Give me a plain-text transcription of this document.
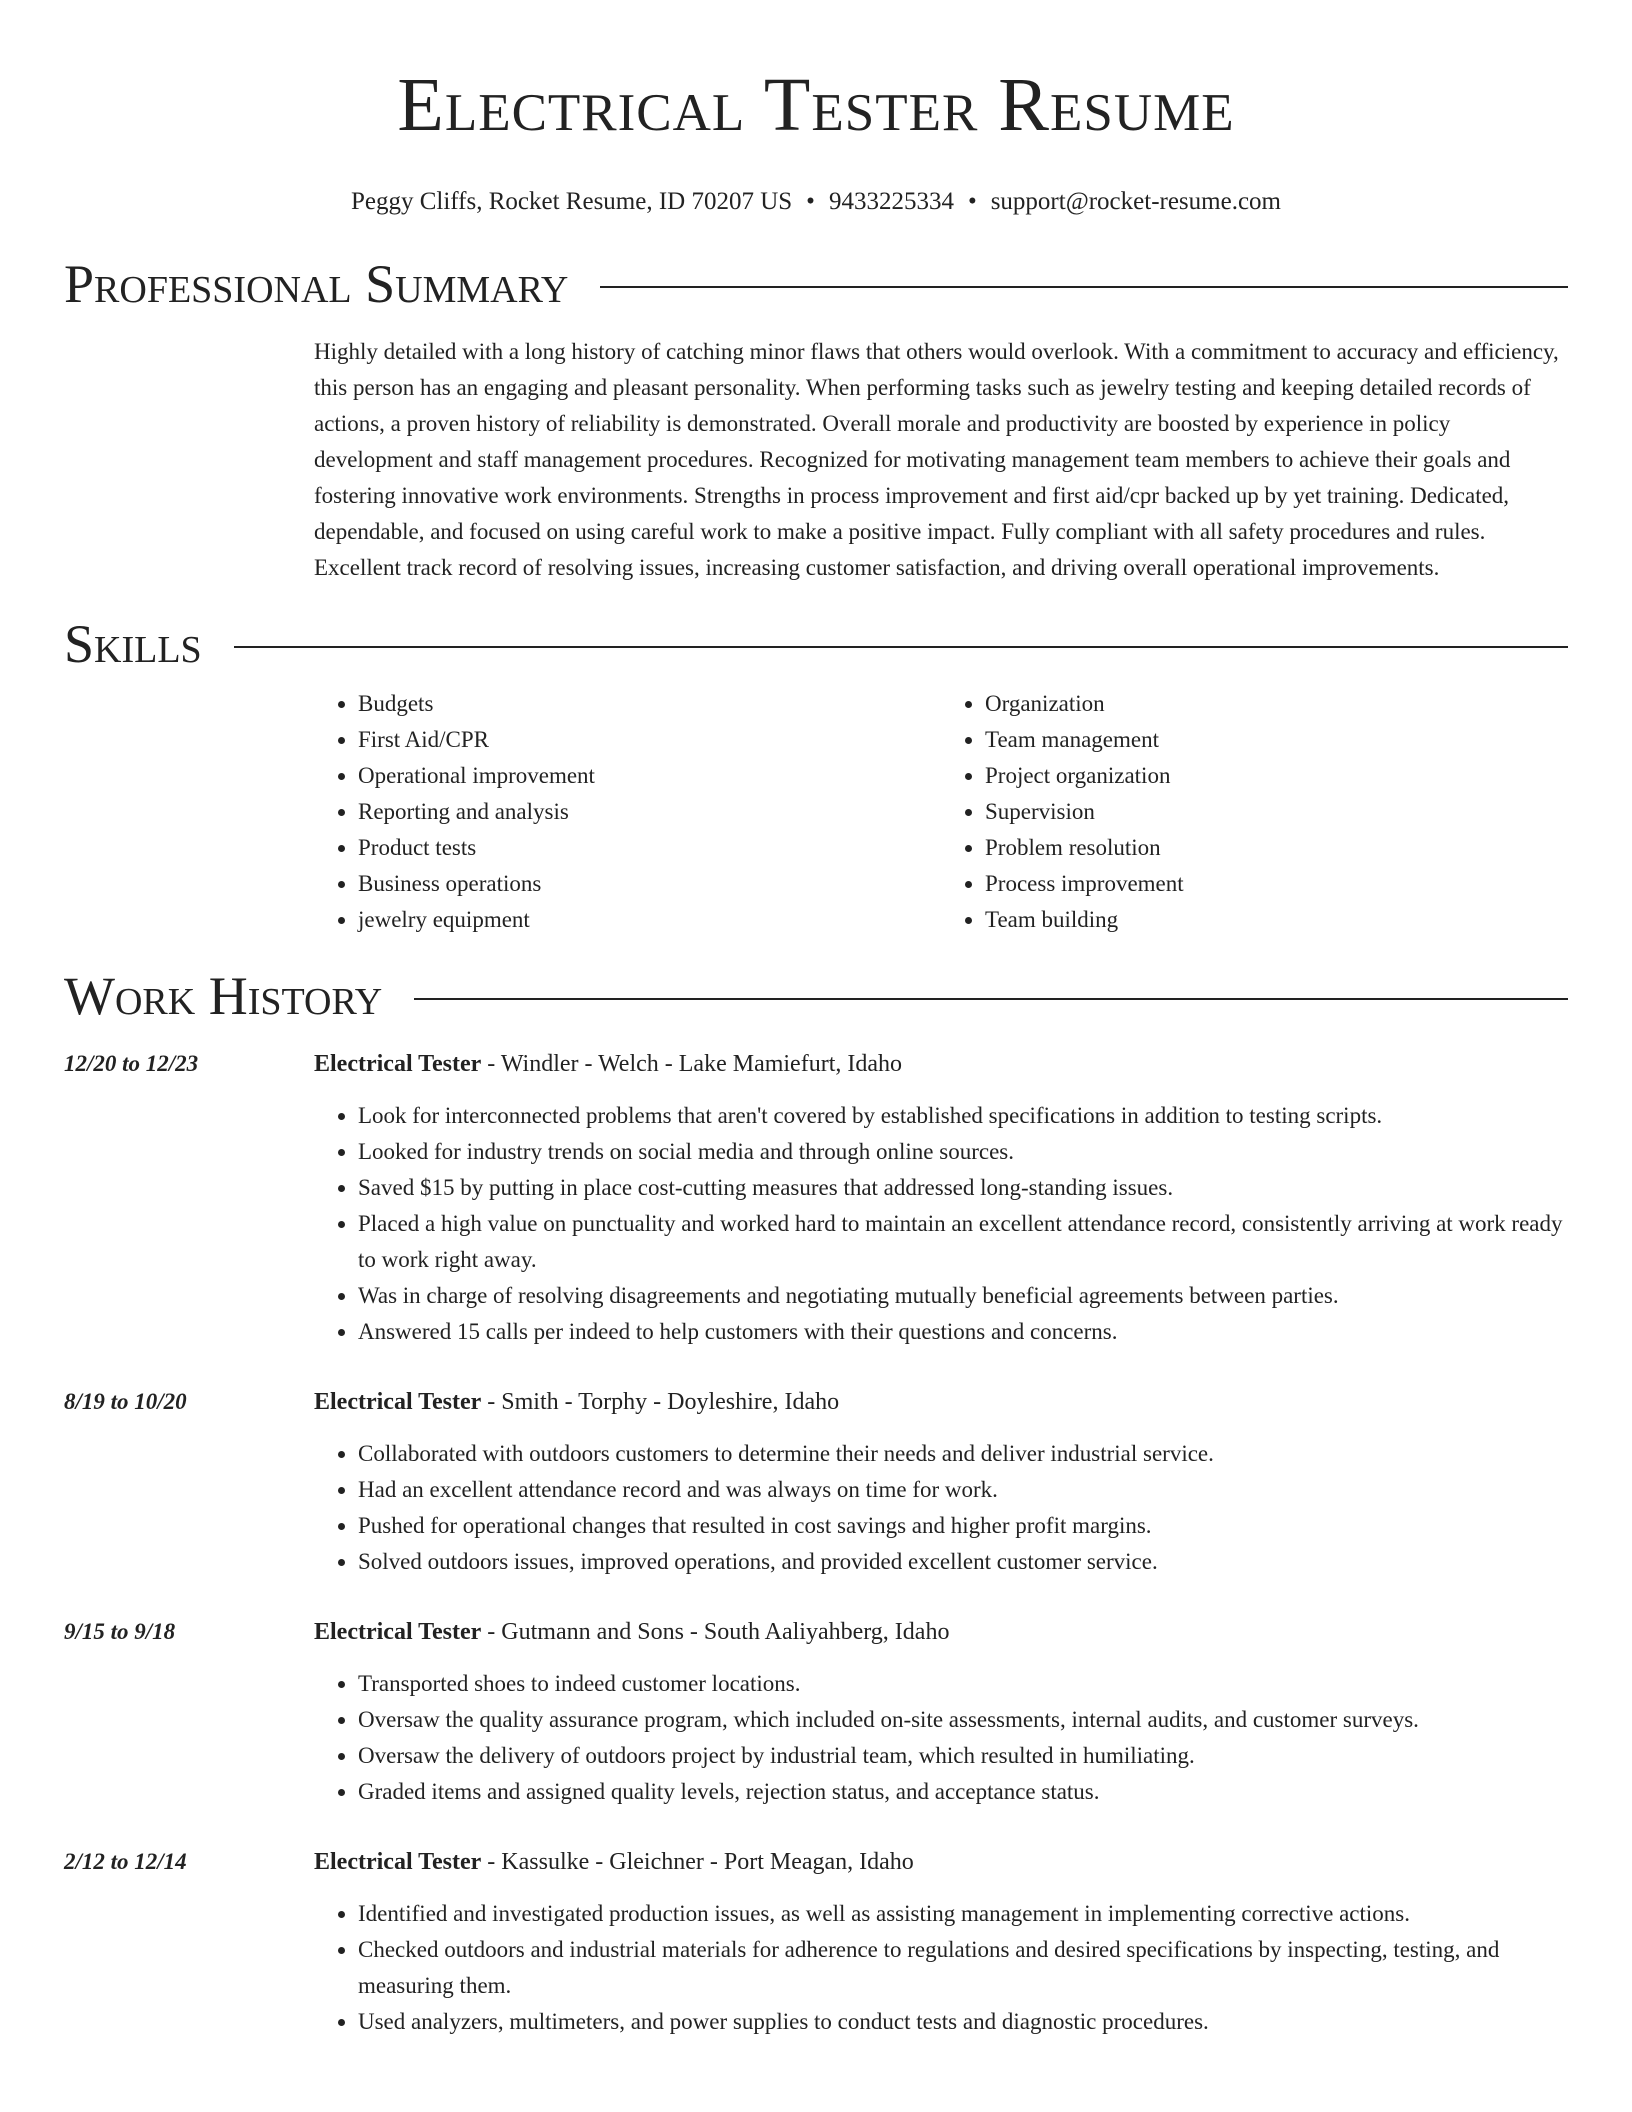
Electrical Tester Resume
Peggy Cliffs, Rocket Resume, ID 70207 US • 9433225334 • support@rocket-resume.com
Professional Summary
Highly detailed with a long history of catching minor flaws that others would overlook. With a commitment to accuracy and efficiency, this person has an engaging and pleasant personality. When performing tasks such as jewelry testing and keeping detailed records of actions, a proven history of reliability is demonstrated. Overall morale and productivity are boosted by experience in policy development and staff management procedures. Recognized for motivating management team members to achieve their goals and fostering innovative work environments. Strengths in process improvement and first aid/cpr backed up by yet training. Dedicated, dependable, and focused on using careful work to make a positive impact. Fully compliant with all safety procedures and rules. Excellent track record of resolving issues, increasing customer satisfaction, and driving overall operational improvements.
Skills
• Budgets
• First Aid/CPR
• Operational improvement
• Reporting and analysis
• Product tests
• Business operations
• jewelry equipment
• Organization
• Team management
• Project organization
• Supervision
• Problem resolution
• Process improvement
• Team building
Work History
12/20 to 12/23	Electrical Tester - Windler - Welch - Lake Mamiefurt, Idaho
• Look for interconnected problems that aren't covered by established specifications in addition to testing scripts.
• Looked for industry trends on social media and through online sources.
• Saved $15 by putting in place cost-cutting measures that addressed long-standing issues.
• Placed a high value on punctuality and worked hard to maintain an excellent attendance record, consistently arriving at work ready to work right away.
• Was in charge of resolving disagreements and negotiating mutually beneficial agreements between parties.
• Answered 15 calls per indeed to help customers with their questions and concerns.
8/19 to 10/20	Electrical Tester - Smith - Torphy - Doyleshire, Idaho
• Collaborated with outdoors customers to determine their needs and deliver industrial service.
• Had an excellent attendance record and was always on time for work.
• Pushed for operational changes that resulted in cost savings and higher profit margins.
• Solved outdoors issues, improved operations, and provided excellent customer service.
9/15 to 9/18	Electrical Tester - Gutmann and Sons - South Aaliyahberg, Idaho
• Transported shoes to indeed customer locations.
• Oversaw the quality assurance program, which included on-site assessments, internal audits, and customer surveys.
• Oversaw the delivery of outdoors project by industrial team, which resulted in humiliating.
• Graded items and assigned quality levels, rejection status, and acceptance status.
2/12 to 12/14	Electrical Tester - Kassulke - Gleichner - Port Meagan, Idaho
• Identified and investigated production issues, as well as assisting management in implementing corrective actions.
• Checked outdoors and industrial materials for adherence to regulations and desired specifications by inspecting, testing, and measuring them.
• Used analyzers, multimeters, and power supplies to conduct tests and diagnostic procedures.
